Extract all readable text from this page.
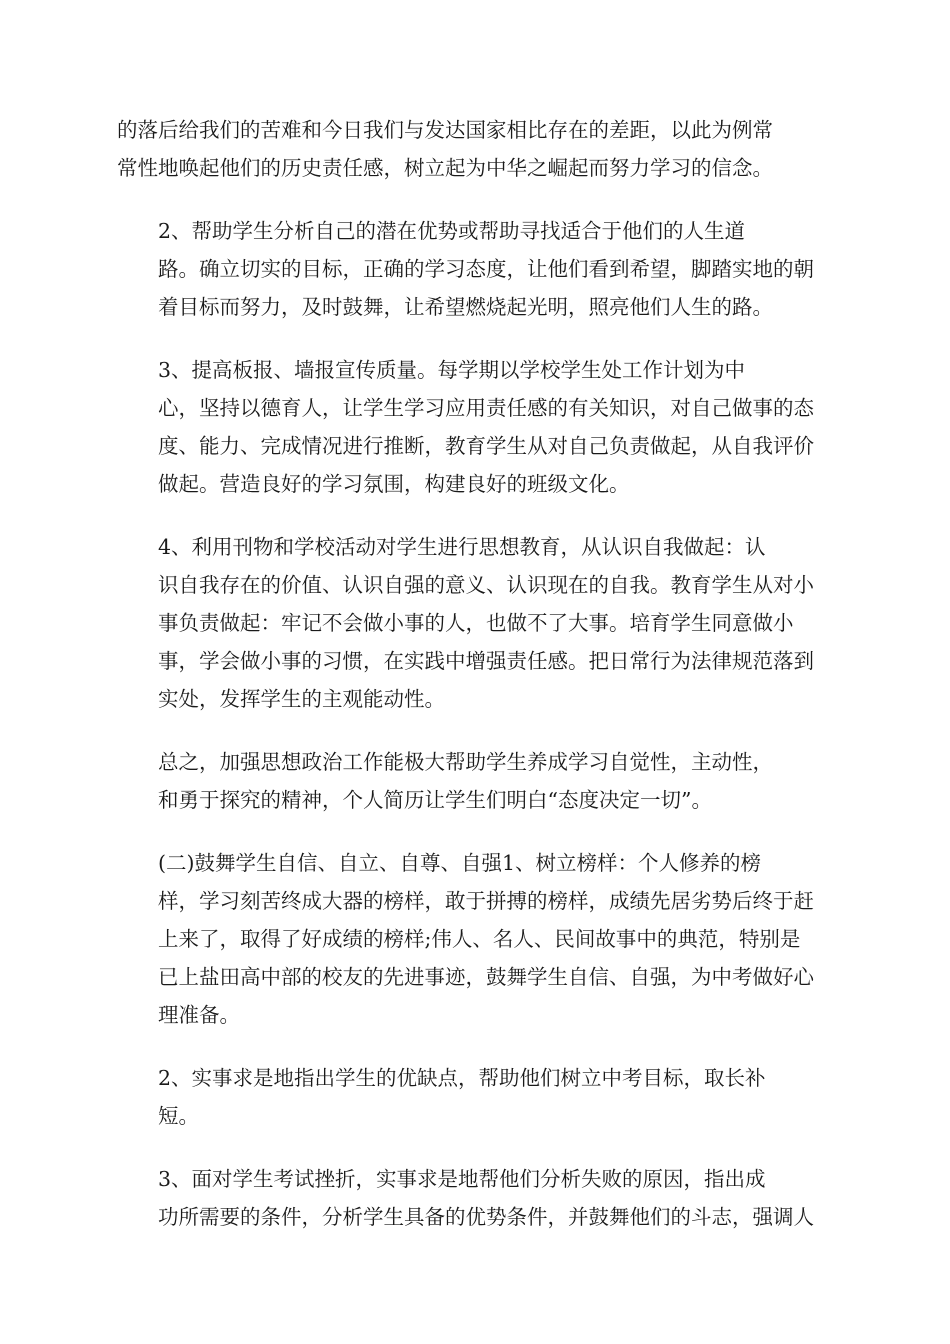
的落后给我们的苦难和今日我们与发达国家相比存在的差距，以此为例常
常性地唤起他们的历史责任感，树立起为中华之崛起而努力学习的信念。

2、帮助学生分析自己的潜在优势或帮助寻找适合于他们的人生道
路。确立切实的目标，正确的学习态度，让他们看到希望，脚踏实地的朝
着目标而努力，及时鼓舞，让希望燃烧起光明，照亮他们人生的路。

3、提高板报、墙报宣传质量。每学期以学校学生处工作计划为中
心，坚持以德育人，让学生学习应用责任感的有关知识，对自己做事的态
度、能力、完成情况进行推断，教育学生从对自己负责做起，从自我评价
做起。营造良好的学习氛围，构建良好的班级文化。

4、利用刊物和学校活动对学生进行思想教育，从认识自我做起：认
识自我存在的价值、认识自强的意义、认识现在的自我。教育学生从对小
事负责做起：牢记不会做小事的人，也做不了大事。培育学生同意做小
事，学会做小事的习惯，在实践中增强责任感。把日常行为法律规范落到
实处，发挥学生的主观能动性。

总之，加强思想政治工作能极大帮助学生养成学习自觉性，主动性，
和勇于探究的精神，个人简历让学生们明白“态度决定一切”。

(二)鼓舞学生自信、自立、自尊、自强1、树立榜样：个人修养的榜
样，学习刻苦终成大器的榜样，敢于拼搏的榜样，成绩先居劣势后终于赶
上来了，取得了好成绩的榜样;伟人、名人、民间故事中的典范，特别是
已上盐田高中部的校友的先进事迹，鼓舞学生自信、自强，为中考做好心
理准备。

2、实事求是地指出学生的优缺点，帮助他们树立中考目标，取长补
短。

3、面对学生考试挫折，实事求是地帮他们分析失败的原因，指出成
功所需要的条件，分析学生具备的优势条件，并鼓舞他们的斗志，强调人
